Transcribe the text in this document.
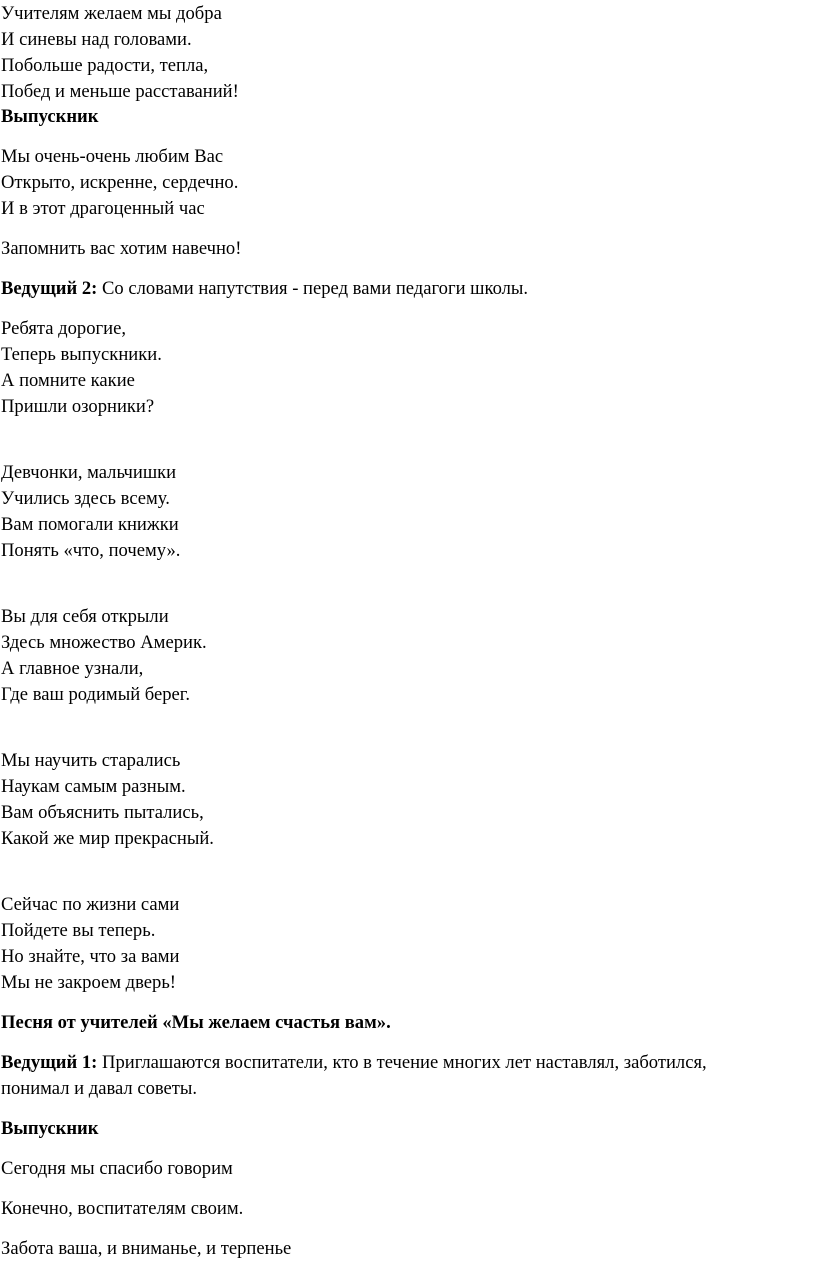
Учителям желаем мы добра

И синевы над головами.

Побольше радости, тепла,

Побед и меньше расставаний!

Выпускник

Мы очень-очень любим Вас

Открыто, искренне, сердечно.

И в этот драгоценный час

Запомнить вас хотим навечно!

Ведущий 2: Со словами напутствия - перед вами педагоги школы.

Ребята дорогие,

Теперь выпускники.

А помните какие

Пришли озорники?

Девчонки, мальчишки

Учились здесь всему.

Вам помогали книжки

Понять «что, почему».

Вы для себя открыли

Здесь множество Америк.

А главное узнали,

Где ваш родимый берег.

Мы научить старались

Наукам самым разным.

Вам объяснить пытались,

Какой же мир прекрасный.

Сейчас по жизни сами

Пойдете вы теперь.

Но знайте, что за вами

Мы не закроем дверь!

Песня от учителей «Мы желаем счастья вам».

Ведущий 1: Приглашаются воспитатели, кто в течение многих лет наставлял, заботился,

понимал и давал советы.

Выпускник

Сегодня мы спасибо говорим

Конечно, воспитателям своим.

Забота ваша, и вниманье, и терпенье
